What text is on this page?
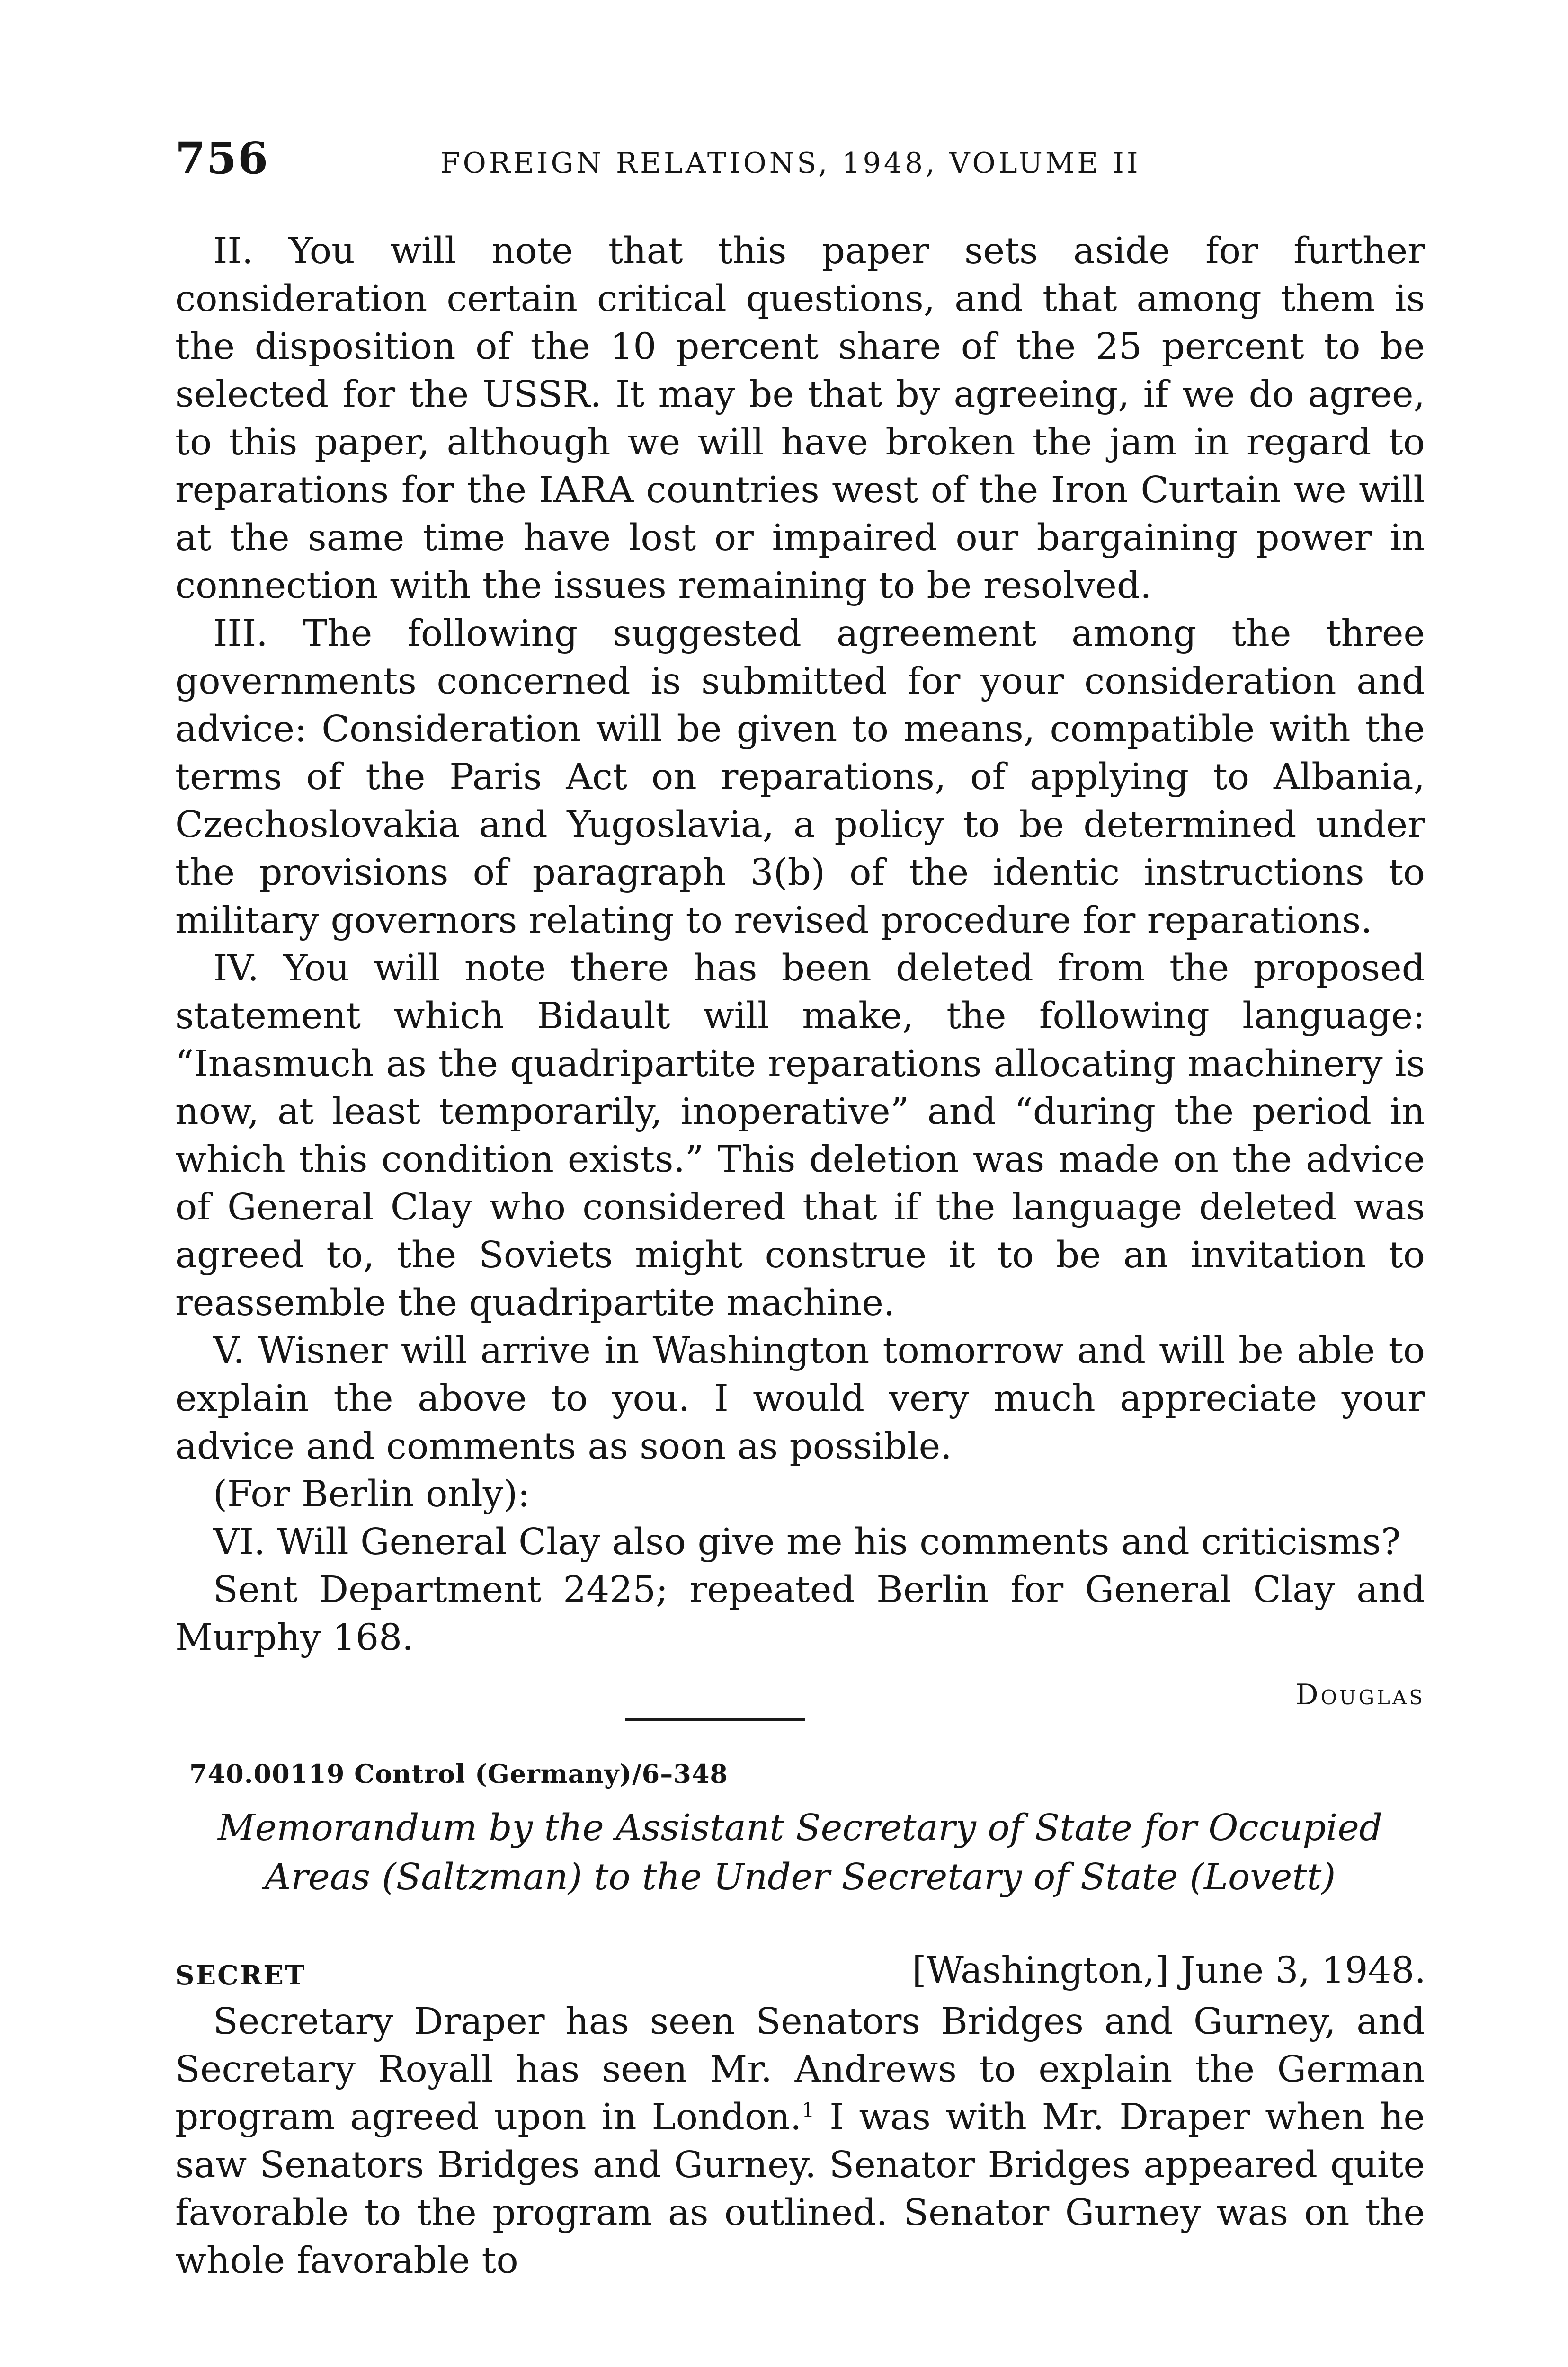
756	FOREIGN RELATIONS, 1948, VOLUME II

II. You will note that this paper sets aside for further consideration certain critical questions, and that among them is the disposition of the 10 percent share of the 25 percent to be selected for the USSR. It may be that by agreeing, if we do agree, to this paper, although we will have broken the jam in regard to reparations for the IARA countries west of the Iron Curtain we will at the same time have lost or impaired our bargaining power in connection with the issues remaining to be resolved.

III. The following suggested agreement among the three governments concerned is submitted for your consideration and advice: Consideration will be given to means, compatible with the terms of the Paris Act on reparations, of applying to Albania, Czechoslovakia and Yugoslavia, a policy to be determined under the provisions of paragraph 3(b) of the identic instructions to military governors relating to revised procedure for reparations.

IV. You will note there has been deleted from the proposed statement which Bidault will make, the following language: “Inasmuch as the quadripartite reparations allocating machinery is now, at least temporarily, inoperative” and “during the period in which this condition exists.” This deletion was made on the advice of General Clay who considered that if the language deleted was agreed to, the Soviets might construe it to be an invitation to reassemble the quadripartite machine.

V. Wisner will arrive in Washington tomorrow and will be able to explain the above to you. I would very much appreciate your advice and comments as soon as possible.

(For Berlin only):

VI. Will General Clay also give me his comments and criticisms?

Sent Department 2425; repeated Berlin for General Clay and Murphy 168.

Douglas
740.00119 Control (Germany)/6–348
Memorandum by the Assistant Secretary of State for Occupied Areas (Saltzman) to the Under Secretary of State (Lovett)
SECRET	[Washington,] June 3, 1948.

Secretary Draper has seen Senators Bridges and Gurney, and Secretary Royall has seen Mr. Andrews to explain the German program agreed upon in London.$^1$ I was with Mr. Draper when he saw Senators Bridges and Gurney. Senator Bridges appeared quite favorable to the program as outlined. Senator Gurney was on the whole favorable to
